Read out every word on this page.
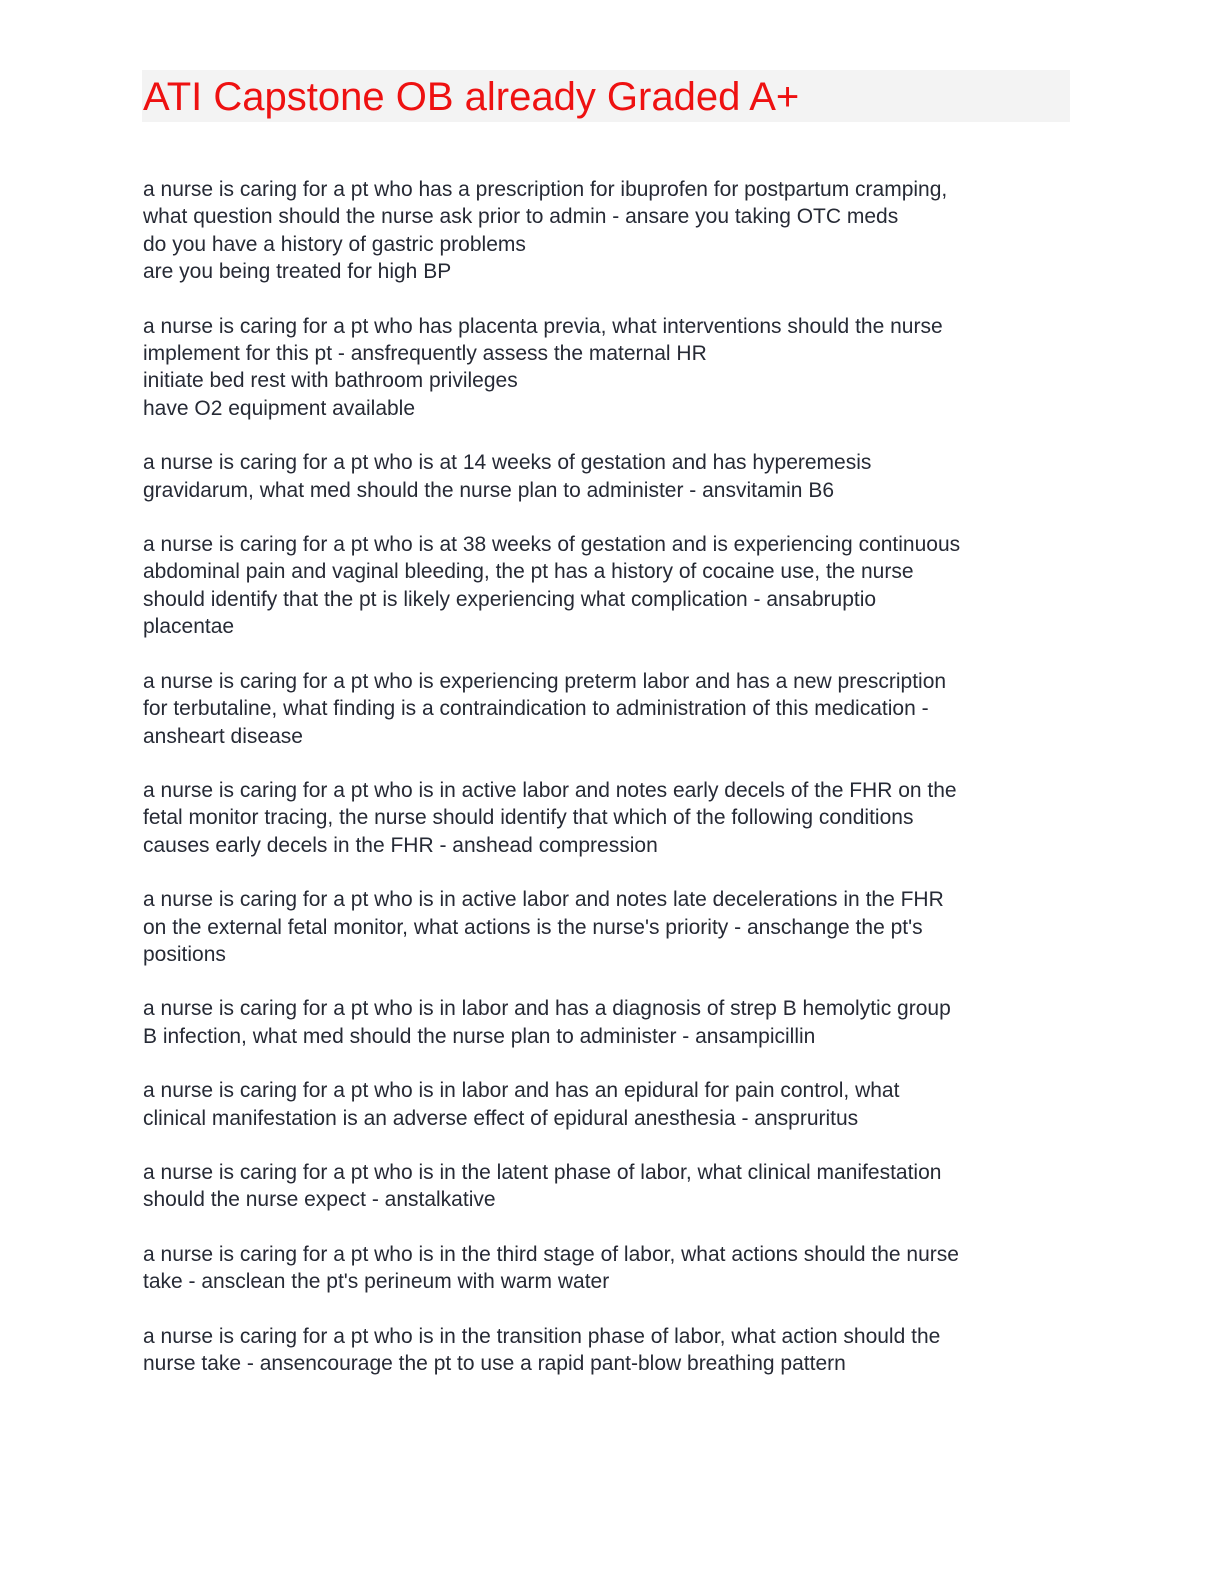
ATI Capstone OB already Graded A+
a nurse is caring for a pt who has a prescription for ibuprofen for postpartum cramping,
what question should the nurse ask prior to admin - ansare you taking OTC meds
do you have a history of gastric problems
are you being treated for high BP
a nurse is caring for a pt who has placenta previa, what interventions should the nurse
implement for this pt - ansfrequently assess the maternal HR
initiate bed rest with bathroom privileges
have O2 equipment available
a nurse is caring for a pt who is at 14 weeks of gestation and has hyperemesis
gravidarum, what med should the nurse plan to administer - ansvitamin B6
a nurse is caring for a pt who is at 38 weeks of gestation and is experiencing continuous
abdominal pain and vaginal bleeding, the pt has a history of cocaine use, the nurse
should identify that the pt is likely experiencing what complication - ansabruptio
placentae
a nurse is caring for a pt who is experiencing preterm labor and has a new prescription
for terbutaline, what finding is a contraindication to administration of this medication -
ansheart disease
a nurse is caring for a pt who is in active labor and notes early decels of the FHR on the
fetal monitor tracing, the nurse should identify that which of the following conditions
causes early decels in the FHR - anshead compression
a nurse is caring for a pt who is in active labor and notes late decelerations in the FHR
on the external fetal monitor, what actions is the nurse's priority - anschange the pt's
positions
a nurse is caring for a pt who is in labor and has a diagnosis of strep B hemolytic group
B infection, what med should the nurse plan to administer - ansampicillin
a nurse is caring for a pt who is in labor and has an epidural for pain control, what
clinical manifestation is an adverse effect of epidural anesthesia - anspruritus
a nurse is caring for a pt who is in the latent phase of labor, what clinical manifestation
should the nurse expect - anstalkative
a nurse is caring for a pt who is in the third stage of labor, what actions should the nurse
take - ansclean the pt's perineum with warm water
a nurse is caring for a pt who is in the transition phase of labor, what action should the
nurse take - ansencourage the pt to use a rapid pant-blow breathing pattern
